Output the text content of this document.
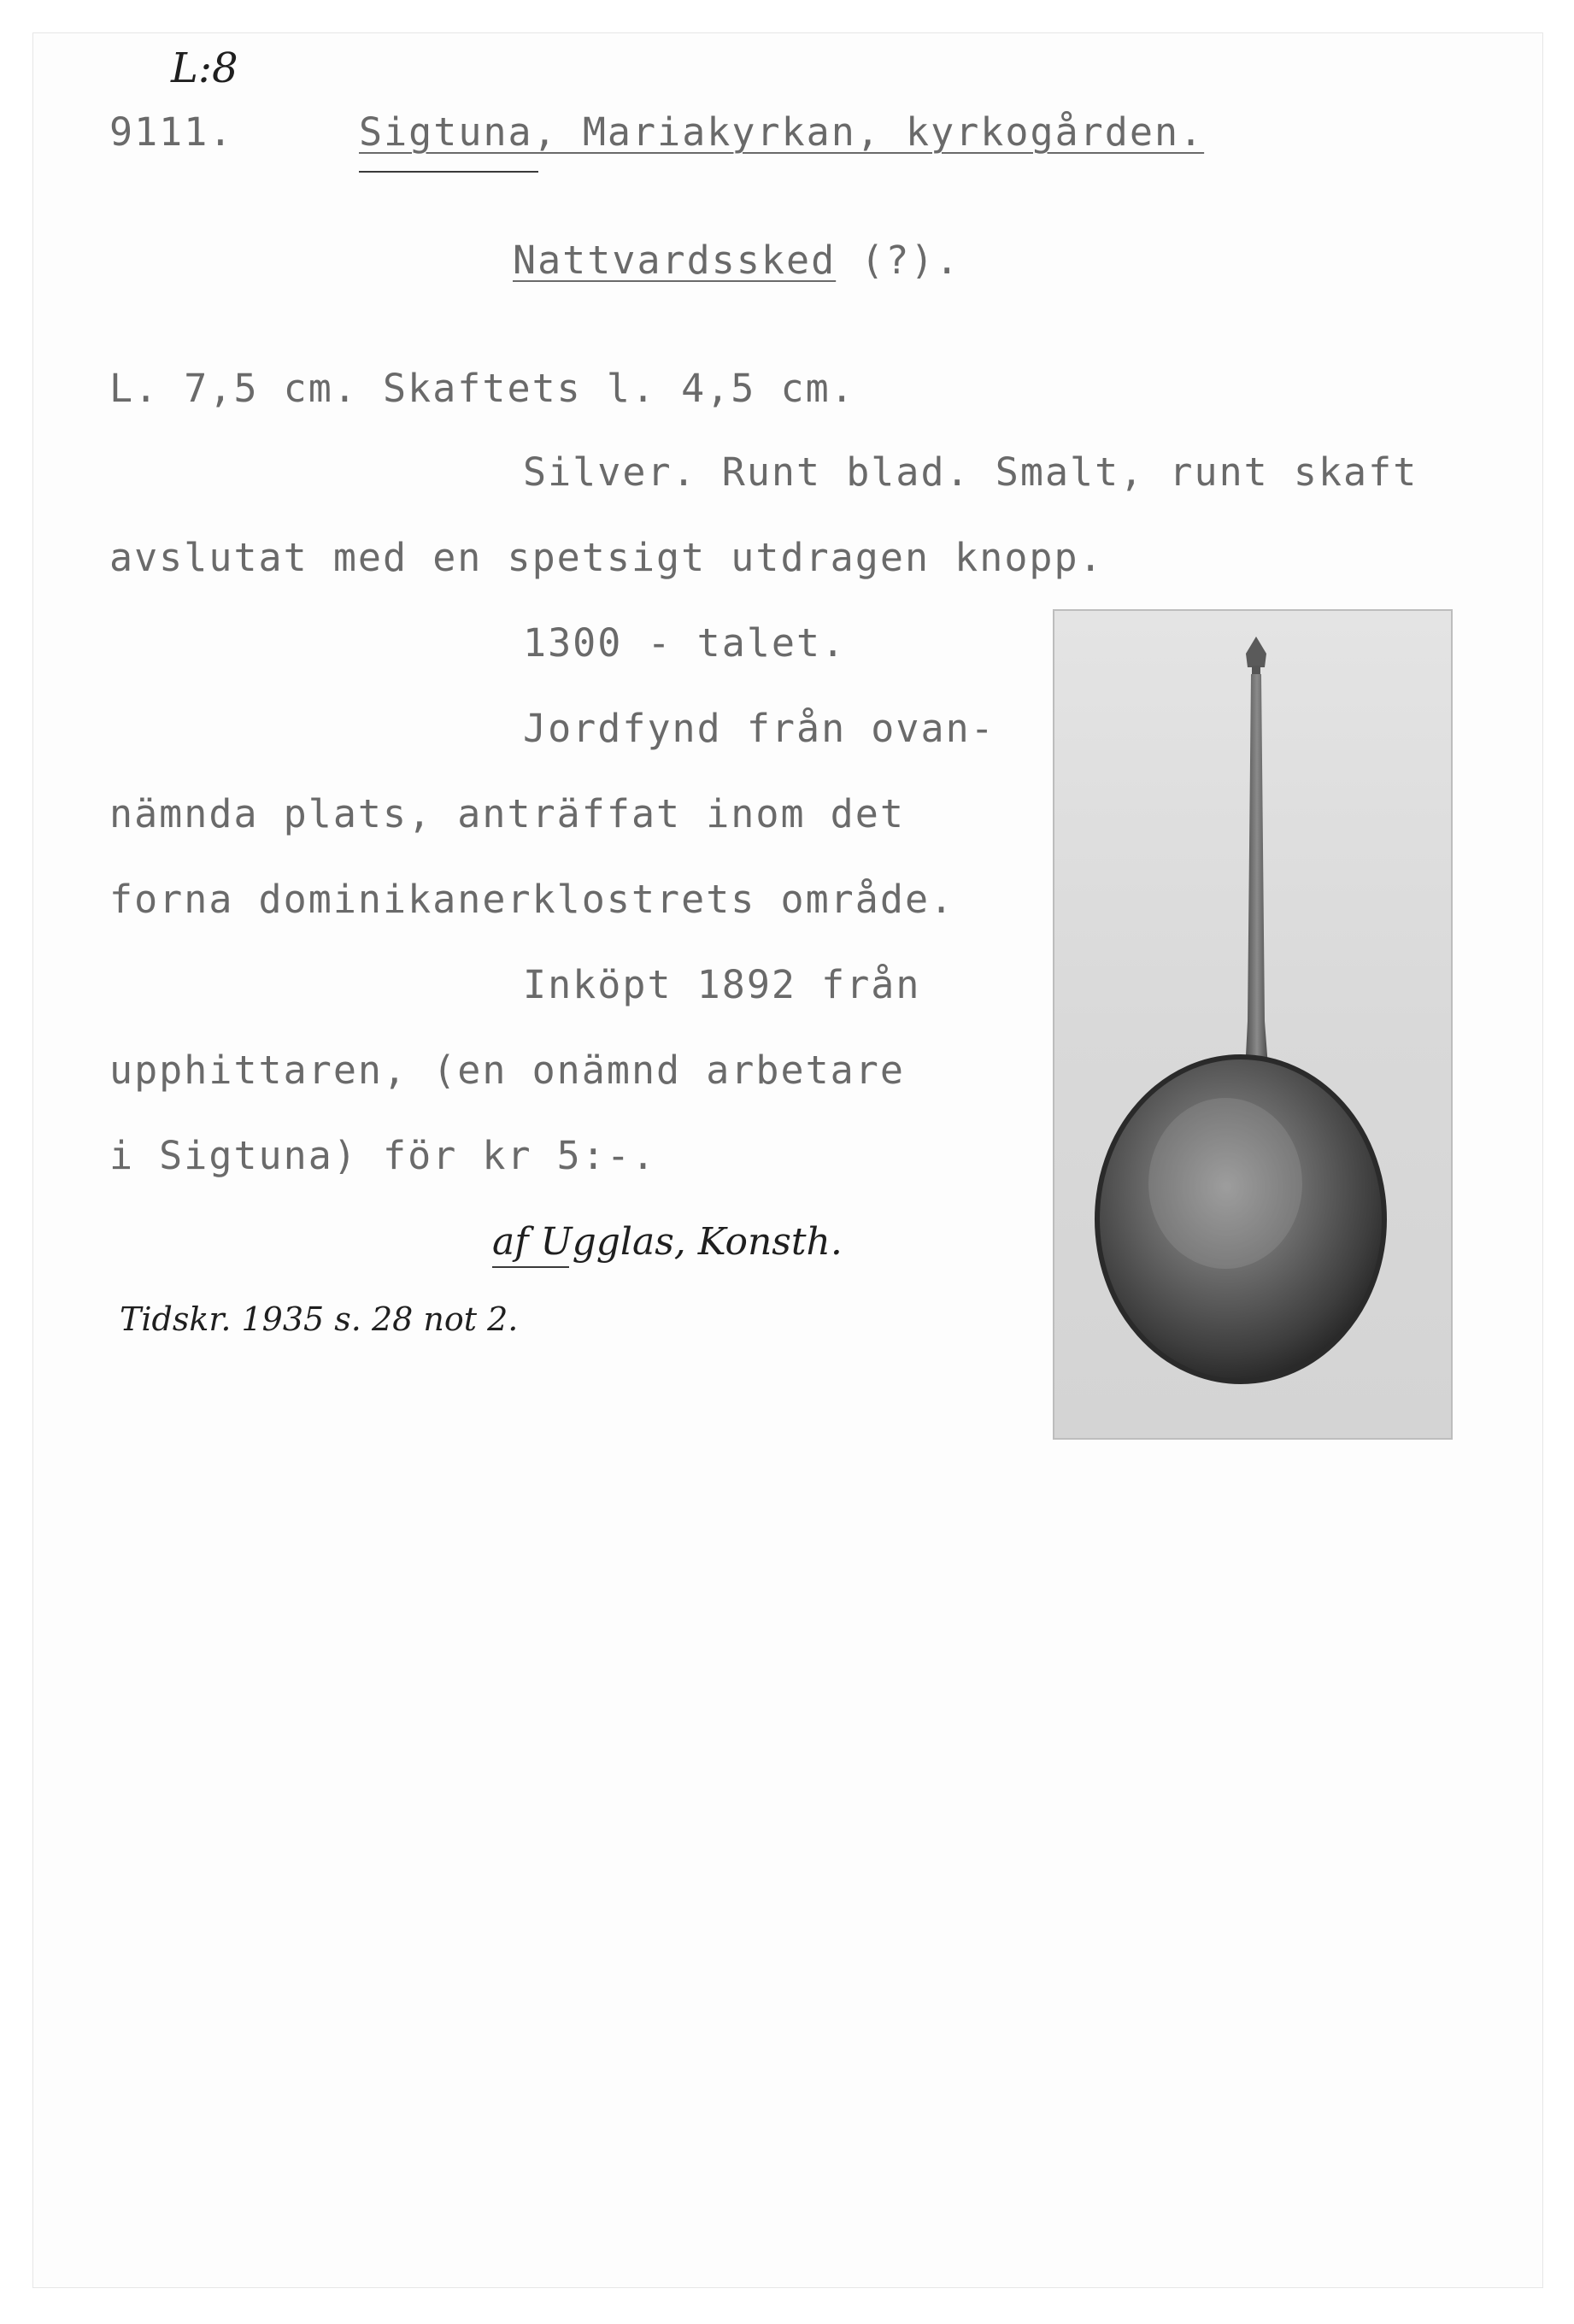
L:8
9111.	Sigtuna, Mariakyrkan, kyrkogården.
Nattvardssked (?).
L. 7,5 cm. Skaftets l. 4,5 cm.
Silver. Runt blad. Smalt, runt skaft
avslutat med en spetsigt utdragen knopp.
1300 - talet.
Jordfynd från ovan-
nämnda plats, anträffat inom det
forna dominikanerklostrets område.
Inköpt 1892 från
upphittaren, (en onämnd arbetare
i Sigtuna) för kr 5:-.
af Ugglas, Konsth.
Tidskr. 1935 s. 28 not 2.
